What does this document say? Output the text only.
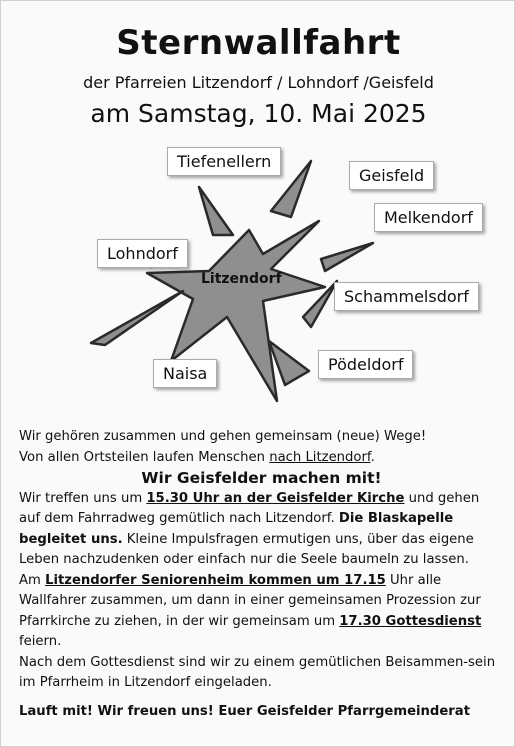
Sternwallfahrt
der Pfarreien Litzendorf / Lohndorf /Geisfeld
am Samstag, 10. Mai 2025
Tiefenellern
Geisfeld
Melkendorf
Lohndorf
Schammelsdorf
Naisa	Pödeldorf
Litzendorf

Wir gehören zusammen und gehen gemeinsam (neue) Wege!

Von allen Ortsteilen laufen Menschen nach Litzendorf.

Wir Geisfelder machen mit!

Wir treffen uns um 15.30 Uhr an der Geisfelder Kirche und gehen auf dem Fahrradweg gemütlich nach Litzendorf. Die Blaskapelle begleitet uns. Kleine Impulsfragen ermutigen uns, über das eigene Leben nachzudenken oder einfach nur die Seele baumeln zu lassen.

Am Litzendorfer Seniorenheim kommen um 17.15 Uhr alle Wallfahrer zusammen, um dann in einer gemeinsamen Prozession zur Pfarrkirche zu ziehen, in der wir gemeinsam um 17.30 Gottesdienst feiern.

Nach dem Gottesdienst sind wir zu einem gemütlichen Beisammen-sein im Pfarrheim in Litzendorf eingeladen.

Lauft mit! Wir freuen uns! Euer Geisfelder Pfarrgemeinderat
